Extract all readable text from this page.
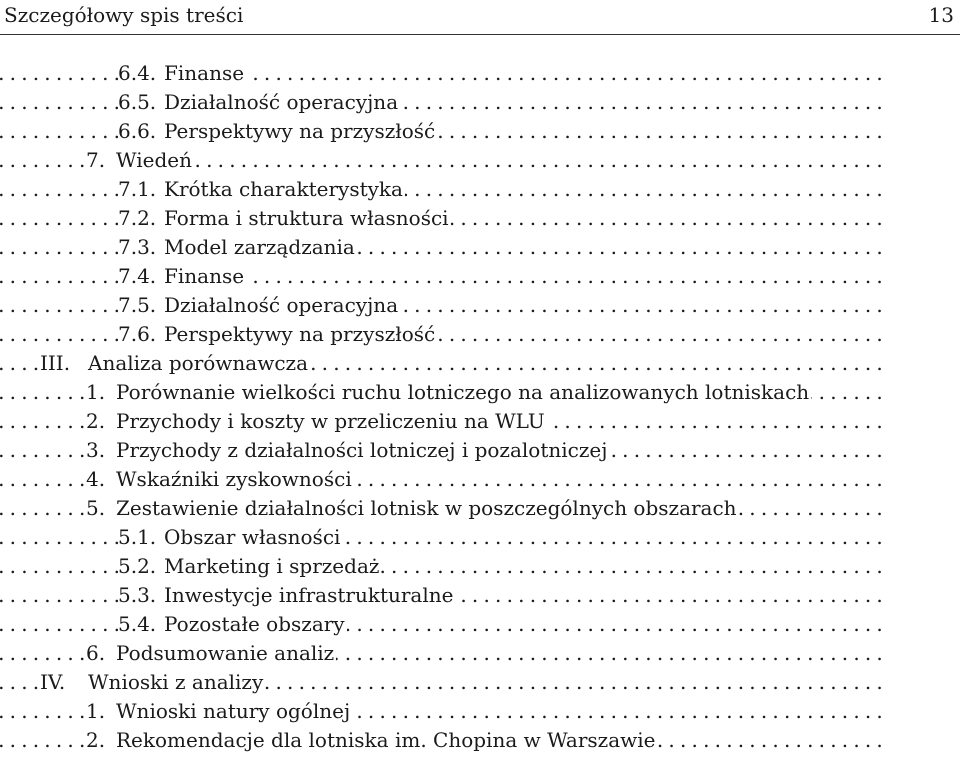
Szczegółowy spis treści	13
.....
6.4. Finanse
.....
6.5. Działalność operacyjna
.....
6.6. Perspektywy na przyszłość
.....
7. Wiedeń
.....
7.1. Krótka charakterystyka
.....
7.2. Forma i struktura własności
.....
7.3. Model zarządzania
.....
7.4. Finanse
.....
7.5. Działalność operacyjna
.....
7.6. Perspektywy na przyszłość
.....
III. Analiza porównawcza
.....
1. Porównanie wielkości ruchu lotniczego na analizowanych lotniskach
.....
2. Przychody i koszty w przeliczeniu na WLU
.....
3. Przychody z działalności lotniczej i pozalotniczej
.....
4. Wskaźniki zyskowności
.....
5. Zestawienie działalności lotnisk w poszczególnych obszarach
.....
5.1. Obszar własności
.....
5.2. Marketing i sprzedaż
.....
5.3. Inwestycje infrastrukturalne
.....
5.4. Pozostałe obszary
.....
6. Podsumowanie analiz
.....
IV. Wnioski z analizy
.....
1. Wnioski natury ogólnej
.....
2. Rekomendacje dla lotniska im. Chopina w Warszawie
